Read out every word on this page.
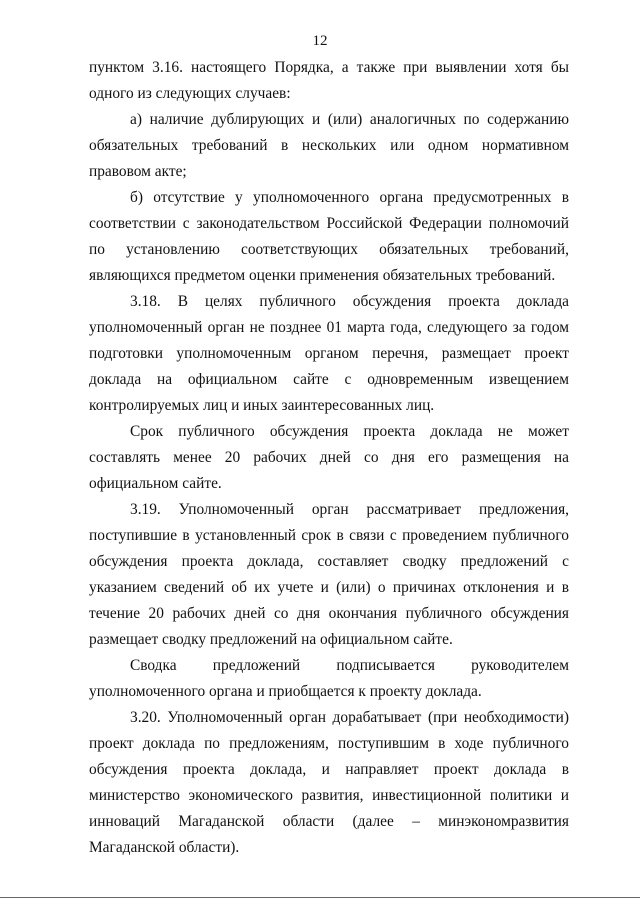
12

пунктом 3.16. настоящего Порядка, а также при выявлении хотя бы одного из следующих случаев:

а) наличие дублирующих и (или) аналогичных по содержанию обязательных требований в нескольких или одном нормативном правовом акте;

б) отсутствие у уполномоченного органа предусмотренных в соответствии с законодательством Российской Федерации полномочий по установлению соответствующих обязательных требований, являющихся предметом оценки применения обязательных требований.

3.18. В целях публичного обсуждения проекта доклада уполномоченный орган не позднее 01 марта года, следующего за годом подготовки уполномоченным органом перечня, размещает проект доклада на официальном сайте с одновременным извещением контролируемых лиц и иных заинтересованных лиц.

Срок публичного обсуждения проекта доклада не может составлять менее 20 рабочих дней со дня его размещения на официальном сайте.

3.19. Уполномоченный орган рассматривает предложения, поступившие в установленный срок в связи с проведением публичного обсуждения проекта доклада, составляет сводку предложений с указанием сведений об их учете и (или) о причинах отклонения и в течение 20 рабочих дней со дня окончания публичного обсуждения размещает сводку предложений на официальном сайте.

Сводка предложений подписывается руководителем уполномоченного органа и приобщается к проекту доклада.

3.20. Уполномоченный орган дорабатывает (при необходимости) проект доклада по предложениям, поступившим в ходе публичного обсуждения проекта доклада, и направляет проект доклада в министерство экономического развития, инвестиционной политики и инноваций Магаданской области (далее – минэкономразвития Магаданской области).
